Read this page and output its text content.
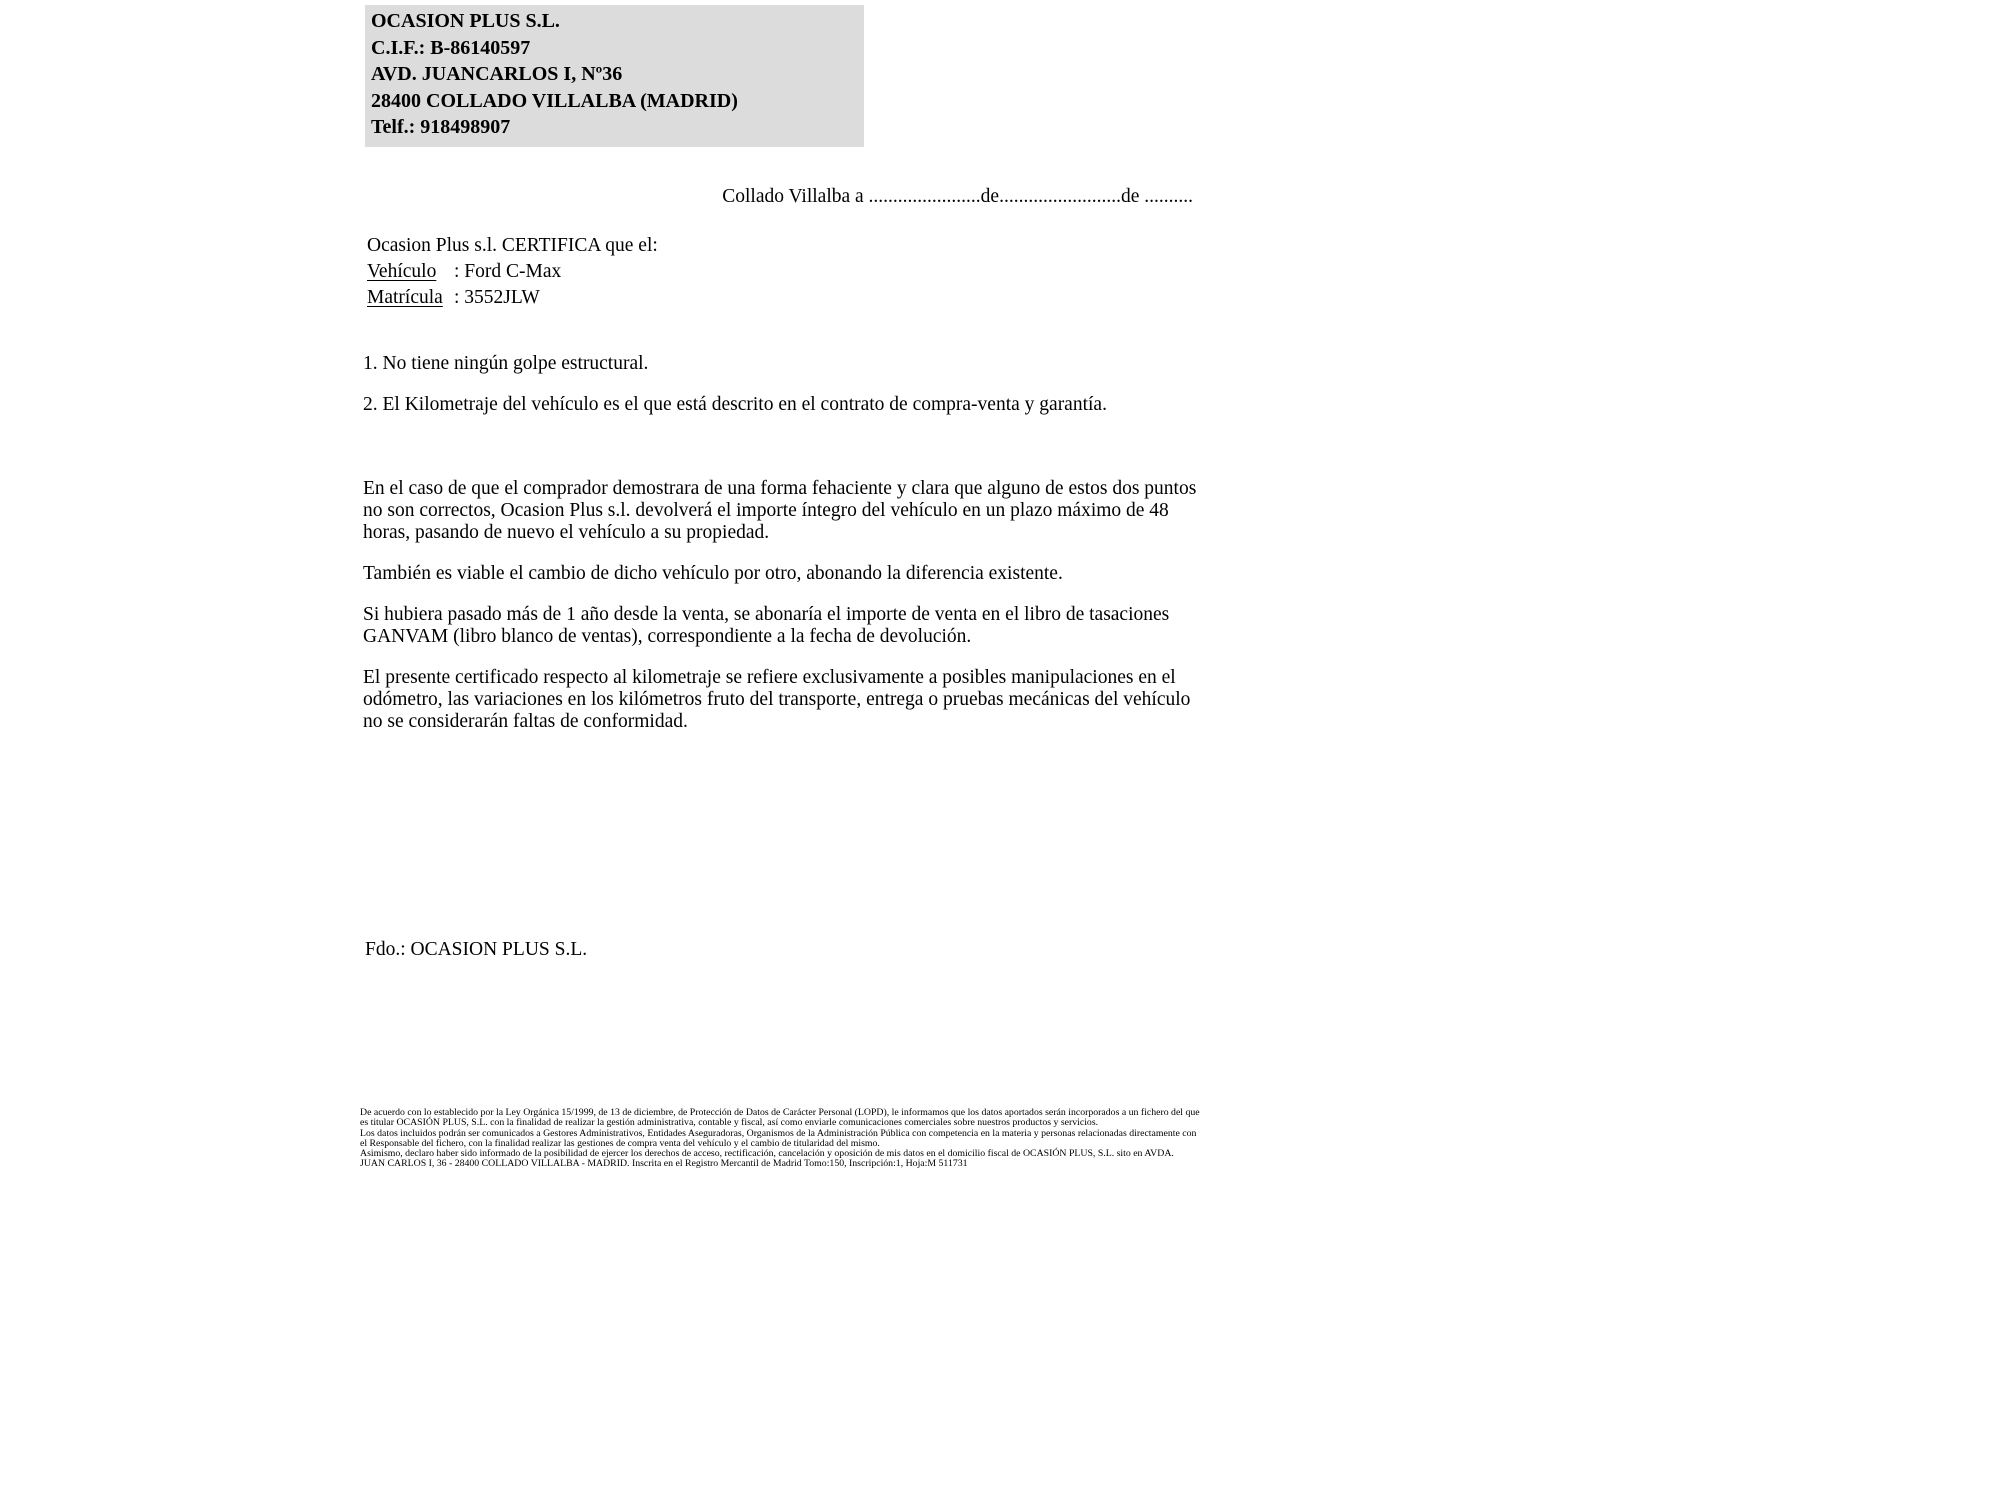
OCASION PLUS S.L.
C.I.F.: B-86140597
AVD. JUANCARLOS I, Nº36
28400 COLLADO VILLALBA (MADRID)
Telf.: 918498907
Collado Villalba a .......................de.........................de ..........
Ocasion Plus s.l. CERTIFICA que el:
Vehículo : Ford C-Max
Matrícula : 3552JLW
1. No tiene ningún golpe estructural.
2. El Kilometraje del vehículo es el que está descrito en el contrato de compra-venta y garantía.

En el caso de que el comprador demostrara de una forma fehaciente y clara que alguno de estos dos puntos no son correctos, Ocasion Plus s.l. devolverá el importe íntegro del vehículo en un plazo máximo de 48 horas, pasando de nuevo el vehículo a su propiedad.

También es viable el cambio de dicho vehículo por otro, abonando la diferencia existente.

Si hubiera pasado más de 1 año desde la venta, se abonaría el importe de venta en el libro de tasaciones GANVAM (libro blanco de ventas), correspondiente a la fecha de devolución.

El presente certificado respecto al kilometraje se refiere exclusivamente a posibles manipulaciones en el odómetro, las variaciones en los kilómetros fruto del transporte, entrega o pruebas mecánicas del vehículo no se considerarán faltas de conformidad.

Fdo.: OCASION PLUS S.L.

De acuerdo con lo establecido por la Ley Orgánica 15/1999, de 13 de diciembre, de Protección de Datos de Carácter Personal (LOPD), le informamos que los datos aportados serán incorporados a un fichero del que es titular OCASIÓN PLUS, S.L. con la finalidad de realizar la gestión administrativa, contable y fiscal, así como enviarle comunicaciones comerciales sobre nuestros productos y servicios.

Los datos incluidos podrán ser comunicados a Gestores Administrativos, Entidades Aseguradoras, Organismos de la Administración Pública con competencia en la materia y personas relacionadas directamente con el Responsable del fichero, con la finalidad realizar las gestiones de compra venta del vehículo y el cambio de titularidad del mismo.

Asimismo, declaro haber sido informado de la posibilidad de ejercer los derechos de acceso, rectificación, cancelación y oposición de mis datos en el domicilio fiscal de OCASIÓN PLUS, S.L. sito en AVDA. JUAN CARLOS I, 36 - 28400 COLLADO VILLALBA - MADRID. Inscrita en el Registro Mercantil de Madrid Tomo:150, Inscripción:1, Hoja:M 511731
